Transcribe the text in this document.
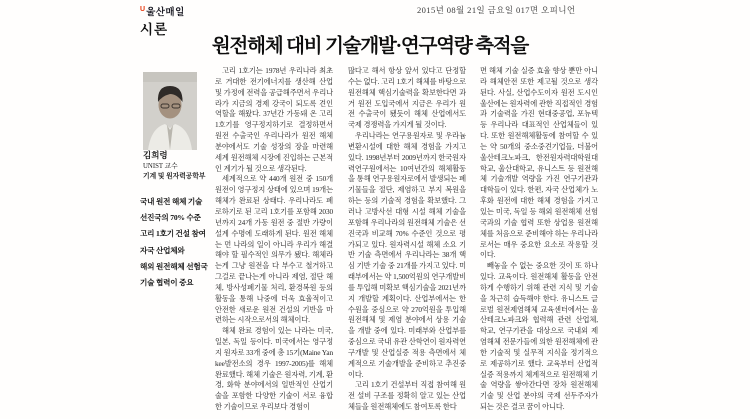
$^U$울산매일	2015년 08월 21일 금요일 017면 오피니언
시론
원전해체 대비 기술개발·연구역량 축적을

김희령

UNIST 교수

기계 및 원자력공학부

국내 원전 해체 기술
선진국의 70% 수준
고리 1호기 건설 참여
자국 산업체와
해외 원전해체 선험국
기술 협력이 중요

고리 1호기는 1978년 우리나라 최초로 거대한 전기에너지를 생산해 산업 및 가정에 전력을 공급해주면서 우리나라가 지금의 경제 강국이 되도록 견인 역할을 해왔다. 37년간 가동돼 온 고리 1호기를 영구정지하기로 결정하면서 원전 수출국인 우리나라가 원전 해체 분야에서도 기술 성장의 장을 마련해 세계 원전해체 시장에 진입하는 근본적인 계기가 될 것으로 생각된다.

세계적으로 약 440개 원전 중 150개 원전이 영구정지 상태에 있으며 19개는 해체가 완료된 상태다. 우리나라도 폐로하기로 된 고리 1호기를 포함해 2030년까지 24개 가동 원전 중 절반 가량이 설계 수명에 도래하게 된다. 원전 해체는 먼 나라의 일이 아니라 우리가 해결해야 할 필수적인 의무가 됐다. 해체라는게 그냥 원전을 다 부수고 철거하고 그걸로 끝나는게 아니라 제염, 절단 해체, 방사성폐기물 처리, 환경복원 등의 활동을 통해 나중에 더욱 효율적이고 안전한 새로운 원전 건설의 기반을 마련하는 시작으로서의 해체이다.

해체 완료 경험이 있는 나라는 미국, 일본, 독일 등이다. 미국에서는 영구정지 원자로 33개 중에 총 15기(Maine Yankee발전소의 경우 1997-2005)를 해체 완료했다. 해체 기술은 원자력, 기계, 환경, 화학 분야에서의 일반적인 산업기술을 포함한 다양한 기술이 서로 융합한 기술이므로 우리보다 경험이

많다고 해서 항상 앞서 있다고 단정할 수는 없다. 고리 1호기 해체를 바탕으로 원전해체 핵심기술력을 확보한다면 과거 원전 도입국에서 지금은 우리가 원전 수출국이 됐듯이 해체 산업에서도 국제 경쟁력을 가지게 될 것이다.

우리나라는 연구용원자로 및 우라늄 변환시설에 대한 해체 경험을 가지고 있다. 1998년부터 2009년까지 한국원자력연구원에서는 10여년간의 해체활동을 통해 연구용원자로에서 발생되는 폐기물들을 절단, 제염하고 부지 복원을 하는 등의 기술적 경험을 확보했다. 그러나 고방사선 대형 시설 해체 기술을 포함해 우리나라의 원전해체 기술은 선진국과 비교해 70% 수준인 것으로 평가되고 있다. 원자력시설 해체 소요 기반 기술 측면에서 우리나라는 38개 핵심 기반 기술 중 21개를 가지고 있다. 미래부에서는 약 1,500억원의 연구개발비를 투입해 미확보 핵심기술을 2021년까지 개발할 계획이다. 산업부에서는 한수원을 중심으로 약 270억원을 투입해 원전해체 및 제염 분야에서 상용 기술을 개발 중에 있다. 미래부와 산업부를 중심으로 국내 유관 산학연이 원자력연구개발 및 산업실증 적용 측면에서 체계적으로 기술개발을 준비하고 추진중이다.

고리 1호기 건설부터 직접 참여해 원전 설비 구조를 정확히 알고 있는 산업체들을 원전해체에도 참여토록 한다

면 해체 기술 실증 효율 향상 뿐만 아니라 해체안전 또한 제고될 것으로 생각된다. 사실, 산업수도이자 원전 도시인 울산에는 원자력에 관한 직접적인 경험과 기술력을 가진 현대중공업, 포뉴텍 등 우리나라 대표적인 산업체들이 있다. 또한 원전해체활동에 참여할 수 있는 약 50개의 중소중견기업들, 더불어 울산테크노파크, 한전원자력대학원대학교, 울산대학교, 유니스트 등 원전해체 기술개발 역량을 가진 연구기관과 대학들이 있다. 한편, 자국 산업체가 노후화 원전에 대한 해체 경험을 가지고 있는 미국, 독일 등 해외 원전해체 선험국과의 기술 협력 또한 상업용 원전해체를 처음으로 준비해야 하는 우리나라로서는 매우 중요한 요소로 작용할 것이다.

빼놓을 수 없는 중요한 것이 또 하나 있다. 교육이다. 원전해체 활동을 안전하게 수행하기 위해 관련 지식 및 기술을 차근히 습득해야 한다. 유니스트 글로벌 원전제염해체 교육센터에서는 울산테크노파크와 협력해 관련 산업체, 학교, 연구기관을 대상으로 국내외 제염해체 전문가들에 의한 원전해체에 관한 기술적 및 실무적 지식을 정기적으로 제공하기로 했다. 교육부터 산업적 실증 적용까지 체계적으로 원전해체 기술 역량을 쌓아간다면 장차 원전해체 기술 및 산업 분야의 국제 선두주자가 되는 것은 결코 꿈이 아니다.
